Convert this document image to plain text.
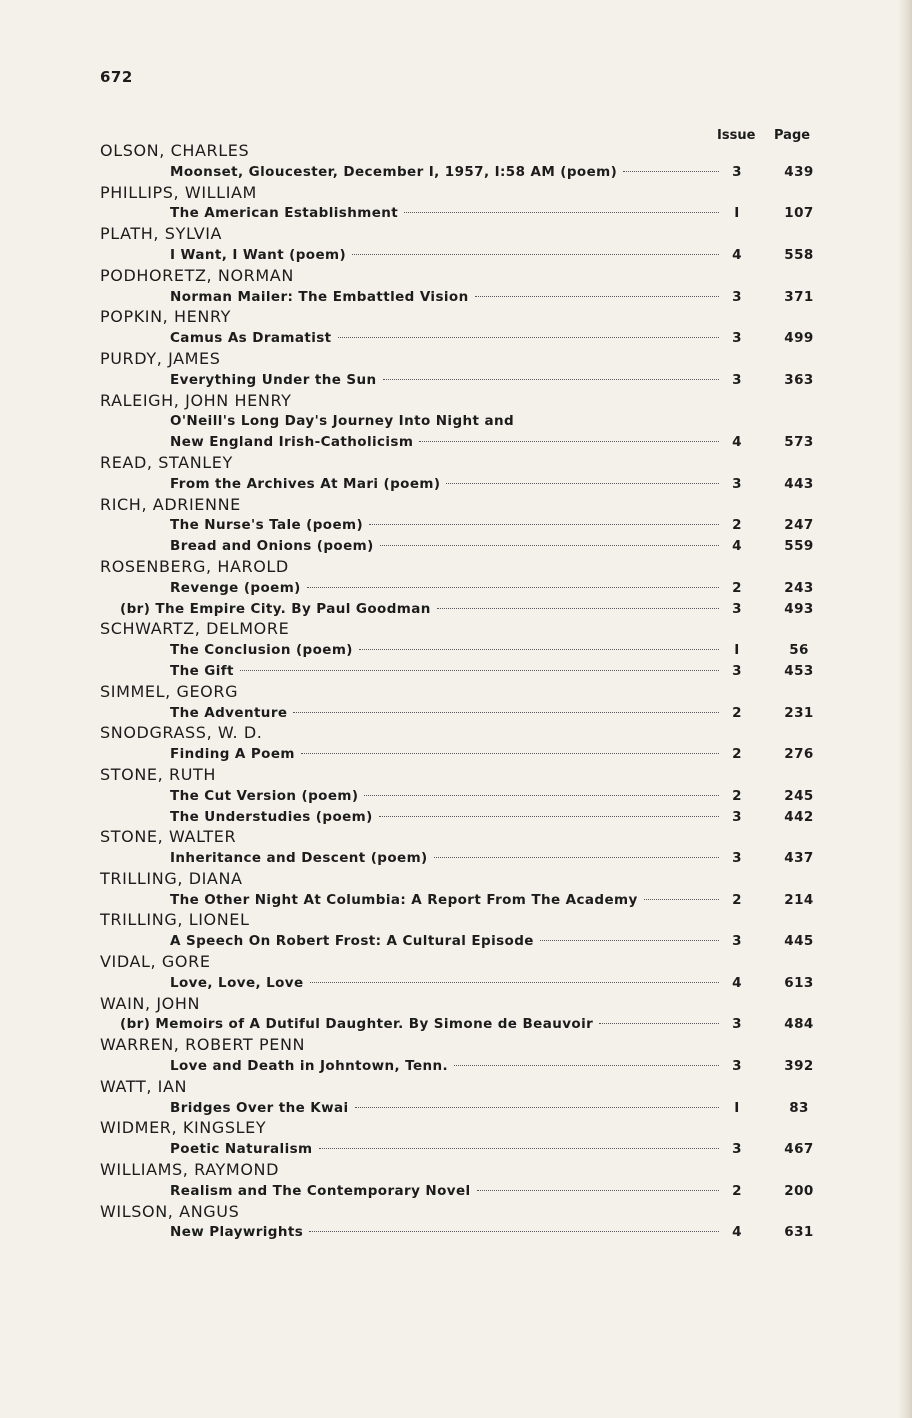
672
Issue Page
OLSON, CHARLES
Moonset, Gloucester, December I, 1957, I:58 AM (poem)	3	439
PHILLIPS, WILLIAM
The American Establishment	I	107
PLATH, SYLVIA
I Want, I Want (poem)	4	558
PODHORETZ, NORMAN
Norman Mailer: The Embattled Vision	3	371
POPKIN, HENRY
Camus As Dramatist	3	499
PURDY, JAMES
Everything Under the Sun	3	363
RALEIGH, JOHN HENRY
O'Neill's Long Day's Journey Into Night and
New England Irish-Catholicism	4	573
READ, STANLEY
From the Archives At Mari (poem)	3	443
RICH, ADRIENNE
The Nurse's Tale (poem)	2	247
Bread and Onions (poem)	4	559
ROSENBERG, HAROLD
Revenge (poem)	2	243
(br) The Empire City. By Paul Goodman	3	493
SCHWARTZ, DELMORE
The Conclusion (poem)	I	56
The Gift	3	453
SIMMEL, GEORG
The Adventure	2	231
SNODGRASS, W. D.
Finding A Poem	2	276
STONE, RUTH
The Cut Version (poem)	2	245
The Understudies (poem)	3	442
STONE, WALTER
Inheritance and Descent (poem)	3	437
TRILLING, DIANA
The Other Night At Columbia: A Report From The Academy	2	214
TRILLING, LIONEL
A Speech On Robert Frost: A Cultural Episode	3	445
VIDAL, GORE
Love, Love, Love	4	613
WAIN, JOHN
(br) Memoirs of A Dutiful Daughter. By Simone de Beauvoir	3	484
WARREN, ROBERT PENN
Love and Death in Johntown, Tenn.	3	392
WATT, IAN
Bridges Over the Kwai	I	83
WIDMER, KINGSLEY
Poetic Naturalism	3	467
WILLIAMS, RAYMOND
Realism and The Contemporary Novel	2	200
WILSON, ANGUS
New Playwrights	4	631
